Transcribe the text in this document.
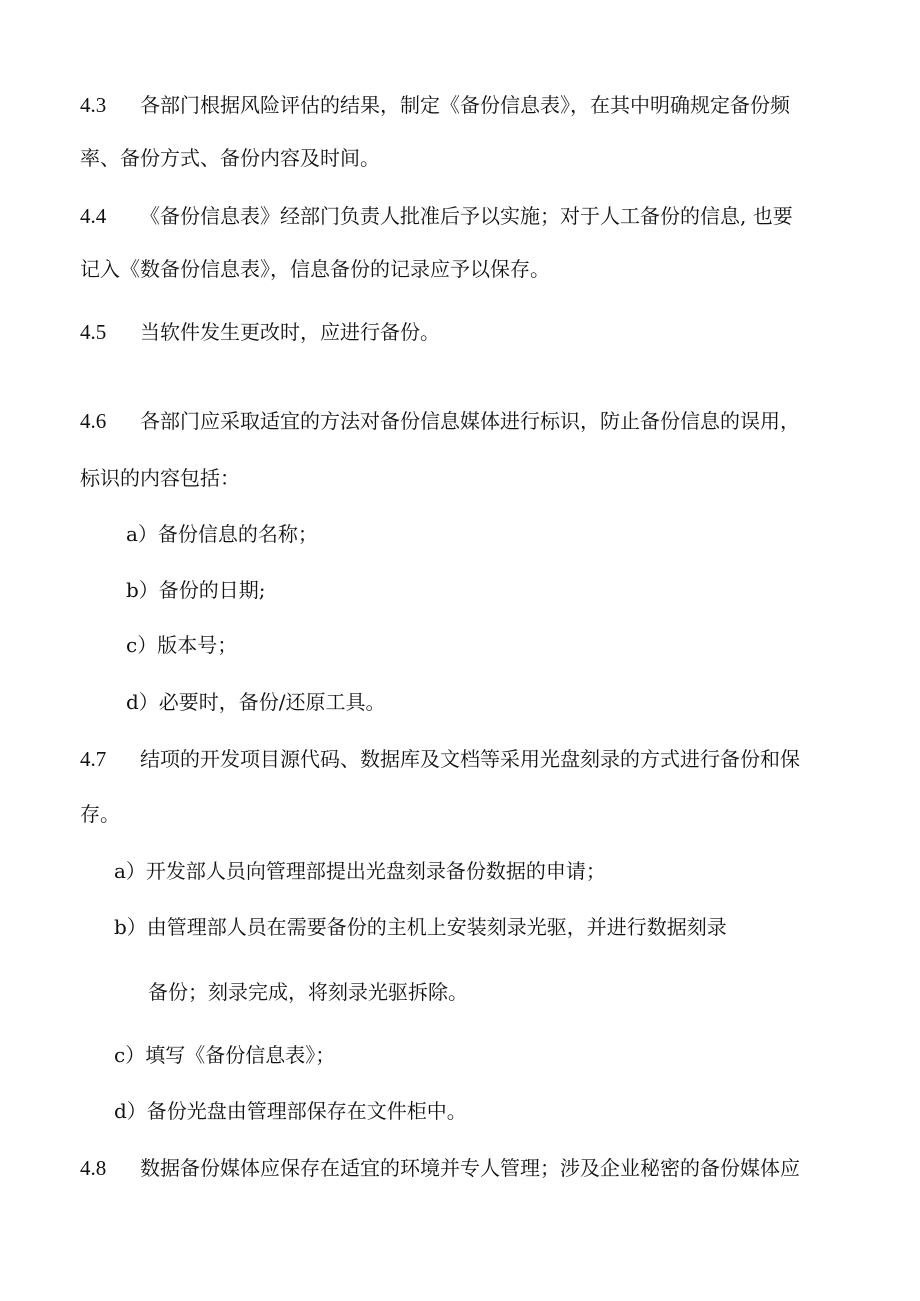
4.3	各部门根据风险评估的结果，制定《备份信息表》，在其中明确规定备份频
率、备份方式、备份内容及时间。
4.4	《备份信息表》经部门负责人批准后予以实施；对于人工备份的信息, 也要
记入《数备份信息表》，信息备份的记录应予以保存。
4.5	当软件发生更改时，应进行备份。
4.6	各部门应采取适宜的方法对备份信息媒体进行标识，防止备份信息的误用，
标识的内容包括：
a）备份信息的名称；
b）备份的日期;
c）版本号；
d）必要时，备份/还原工具。
4.7	结项的开发项目源代码、数据库及文档等采用光盘刻录的方式进行备份和保
存。
a）开发部人员向管理部提出光盘刻录备份数据的申请；
b）由管理部人员在需要备份的主机上安装刻录光驱，并进行数据刻录
备份；刻录完成，将刻录光驱拆除。
c）填写《备份信息表》；
d）备份光盘由管理部保存在文件柜中。
4.8	数据备份媒体应保存在适宜的环境并专人管理；涉及企业秘密的备份媒体应
